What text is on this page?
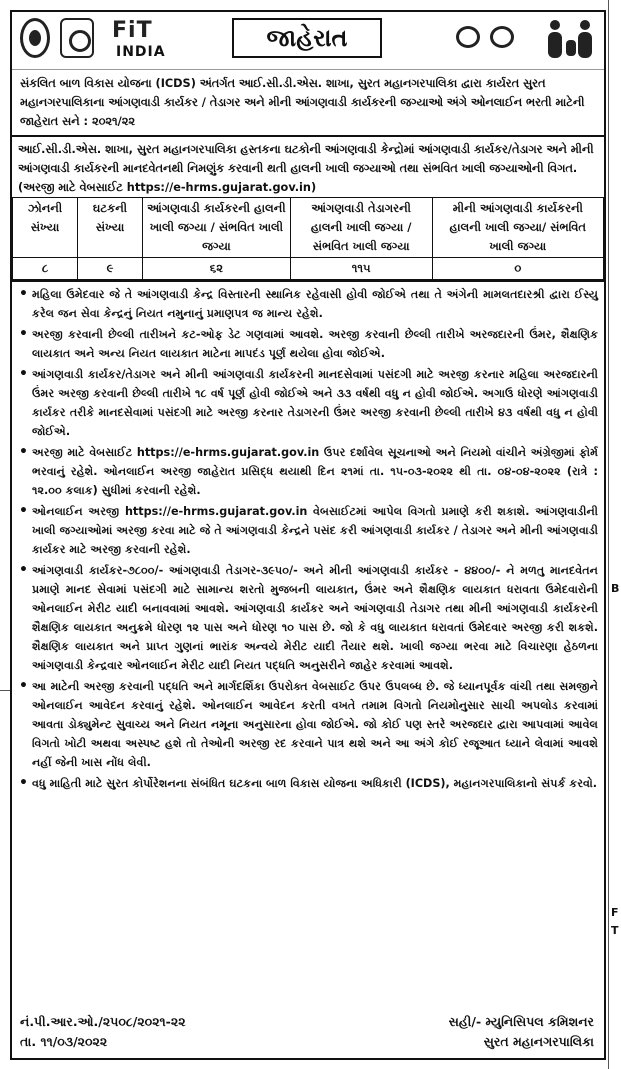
FiT
INDIA	જાહેરાત
સંકલિત બાળ વિકાસ યોજના (ICDS) અંતર્ગત આઈ.સી.ડી.એસ. શાખા, સુરત મહાનગરપાલિકા દ્વારા કાર્યરત સુરત મહાનગરપાલિકાના આંગણવાડી કાર્યકર / તેડાગર અને મીની આંગણવાડી કાર્યકરની જગ્યાઓ અંગે ઓનલાઈન ભરતી માટેની જાહેરાત સને : ૨૦૨૧/૨૨
આઈ.સી.ડી.એસ. શાખા, સુરત મહાનગરપાલિકા હસ્તકના ઘટકોની આંગણવાડી કેન્દ્રોમાં આંગણવાડી કાર્યકર/તેડાગર અને મીની આંગણવાડી કાર્યકરની માનદવેતનથી નિમણુંક કરવાની થતી હાલની ખાલી જગ્યાઓ તથા સંભવિત ખાલી જગ્યાઓની વિગત. (અરજી માટે વેબસાઈટ https://e-hrms.gujarat.gov.in)
ઝોનની સંખ્યા	ઘટકની સંખ્યા	આંગણવાડી કાર્યકરની હાલની ખાલી જગ્યા / સંભવિત ખાલી જગ્યા	આંગણવાડી તેડાગરની હાલની ખાલી જગ્યા / સંભવિત ખાલી જગ્યા	મીની આંગણવાડી કાર્યકરની હાલની ખાલી જગ્યા/ સંભવિત ખાલી જગ્યા
૮	૯	૬૨	૧૧૫	૦
• મહિલા ઉમેદવાર જે તે આંગણવાડી કેન્દ્ર વિસ્તારની સ્થાનિક રહેવાસી હોવી જોઈએ તથા તે અંગેની મામલતદારશ્રી દ્વારા ઈસ્યુ કરેલ જન સેવા કેન્દ્રનું નિયત નમુનાનું પ્રમાણપત્ર જ માન્ય રહેશે.
• અરજી કરવાની છેલ્લી તારીખને કટ-ઓફ ડેટ ગણવામાં આવશે. અરજી કરવાની છેલ્લી તારીખે અરજદારની ઉંમર, શૈક્ષણિક લાયકાત અને અન્ય નિયત લાયકાત માટેના માપદંડ પૂર્ણ થયેલા હોવા જોઈએ.
• આંગણવાડી કાર્યકર/તેડાગર અને મીની આંગણવાડી કાર્યકરની માનદસેવામાં પસંદગી માટે અરજી કરનાર મહિલા અરજદારની ઉંમર અરજી કરવાની છેલ્લી તારીખે ૧૮ વર્ષ પૂર્ણ હોવી જોઈએ અને ૩૩ વર્ષથી વધુ ન હોવી જોઈએ. અગાઉ ધોરણે આંગણવાડી કાર્યકર તરીકે માનદસેવામાં પસંદગી માટે અરજી કરનાર તેડાગરની ઉંમર અરજી કરવાની છેલ્લી તારીખે ૪૩ વર્ષથી વધુ ન હોવી જોઈએ.
• અરજી માટે વેબસાઈટ https://e-hrms.gujarat.gov.in ઉપર દર્શાવેલ સૂચનાઓ અને નિયમો વાંચીને અંગ્રેજીમાં ફોર્મ ભરવાનું રહેશે. ઓનલાઈન અરજી જાહેરાત પ્રસિદ્ધ થયાથી દિન ૨૧માં તા. ૧૫-૦૩-૨૦૨૨ થી તા. ૦૪-૦૪-૨૦૨૨ (રાત્રે : ૧૨.૦૦ કલાક) સુધીમાં કરવાની રહેશે.
• ઓનલાઈન અરજી https://e-hrms.gujarat.gov.in વેબસાઈટમાં આપેલ વિગતો પ્રમાણે કરી શકાશે. આંગણવાડીની ખાલી જગ્યાઓમાં અરજી કરવા માટે જે તે આંગણવાડી કેન્દ્રને પસંદ કરી આંગણવાડી કાર્યકર / તેડાગર અને મીની આંગણવાડી કાર્યકર માટે અરજી કરવાની રહેશે.
• આંગણવાડી કાર્યકર-૭૮૦૦/- આંગણવાડી તેડાગર-૩૯૫૦/- અને મીની આંગણવાડી કાર્યકર - ૪૪૦૦/- ને મળતુ માનદવેતન પ્રમાણે માનદ સેવામાં પસંદગી માટે સામાન્ય શરતો મુજબની લાયકાત, ઉંમર અને શૈક્ષણિક લાયકાત ધરાવતા ઉમેદવારોની ઓનલાઈન મેરીટ યાદી બનાવવામાં આવશે. આંગણવાડી કાર્યકર અને આંગણવાડી તેડાગર તથા મીની આંગણવાડી કાર્યકરની શૈક્ષણિક લાયકાત અનુક્રમે ધોરણ ૧૨ પાસ અને ધોરણ ૧૦ પાસ છે. જો કે વધુ લાયકાત ધરાવતાં ઉમેદવાર અરજી કરી શકશે. શૈક્ષણિક લાયકાત અને પ્રાપ્ત ગુણનાં ભારાંક અન્વયે મેરીટ યાદી તૈયાર થશે. ખાલી જગ્યા ભરવા માટે વિચારણા હેઠળના આંગણવાડી કેન્દ્રવાર ઓનલાઈન મેરીટ યાદી નિયત પદ્ધતિ અનુસરીને જાહેર કરવામાં આવશે.
• આ માટેની અરજી કરવાની પદ્ધતિ અને માર્ગદર્શિકા ઉપરોક્ત વેબસાઈટ ઉપર ઉપલબ્ધ છે. જે ધ્યાનપૂર્વક વાંચી તથા સમજીને ઓનલાઈન આવેદન કરવાનું રહેશે. ઓનલાઈન આવેદન કરતી વખતે તમામ વિગતો નિયમોનુસાર સાચી અપલોડ કરવામાં આવતા ડોક્યુમેન્ટ સુવાચ્ય અને નિયત નમૂના અનુસારના હોવા જોઈએ. જો કોઈ પણ સ્તરે અરજદાર દ્વારા આપવામાં આવેલ વિગતો ખોટી અથવા અસ્પષ્ટ હશે તો તેઓની અરજી રદ કરવાને પાત્ર થશે અને આ અંગે કોઈ રજૂઆત ધ્યાને લેવામાં આવશે નહીં જેની ખાસ નોંધ લેવી.
• વધુ માહિતી માટે સુરત કોર્પોરેશનના સંબંધિત ઘટકના બાળ વિકાસ યોજના અધિકારી (ICDS), મહાનગરપાલિકાનો સંપર્ક કરવો.
નં.પી.આર.ઓ./૨૫૦૮/૨૦૨૧-૨૨
તા. ૧૧/૦૩/૨૦૨૨
સહી/- મ્યુનિસિપલ કમિશનર
સુરત મહાનગરપાલિકા
B
F
T
